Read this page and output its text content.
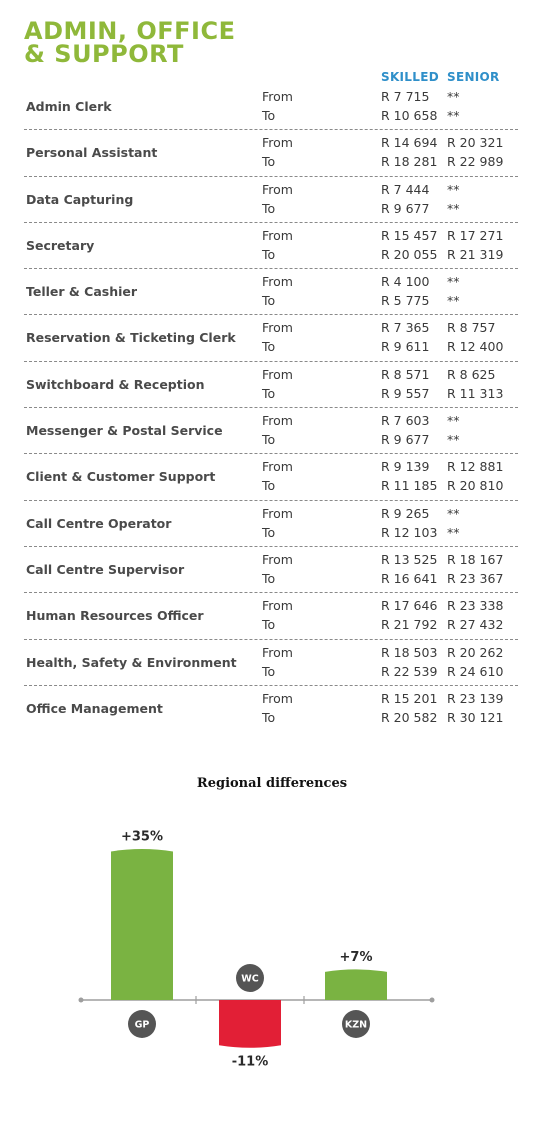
ADMIN, OFFICE
& SUPPORT
SKILLED SENIOR
Admin Clerk
From
To
R 7 715 **
R 10 658 **
Personal Assistant
From
To
R 14 694 R 20 321
R 18 281 R 22 989
Data Capturing
From
To
R 7 444 **
R 9 677 **
Secretary
From
To
R 15 457 R 17 271
R 20 055 R 21 319
Teller & Cashier
From
To
R 4 100 **
R 5 775 **
Reservation & Ticketing Clerk
From
To
R 7 365 R 8 757
R 9 611 R 12 400
Switchboard & Reception
From
To
R 8 571 R 8 625
R 9 557 R 11 313
Messenger & Postal Service
From
To
R 7 603 **
R 9 677 **
Client & Customer Support
From
To
R 9 139 R 12 881
R 11 185 R 20 810
Call Centre Operator
From
To
R 9 265 **
R 12 103 **
Call Centre Supervisor
From
To
R 13 525 R 18 167
R 16 641 R 23 367
Human Resources Officer
From
To
R 17 646 R 23 338
R 21 792 R 27 432
Health, Safety & Environment
From
To
R 18 503 R 20 262
R 22 539 R 24 610
Office Management
From
To
R 15 201 R 23 139
R 20 582 R 30 121
Regional differences
+35%
GP
-11%
WC
+7%
KZN
